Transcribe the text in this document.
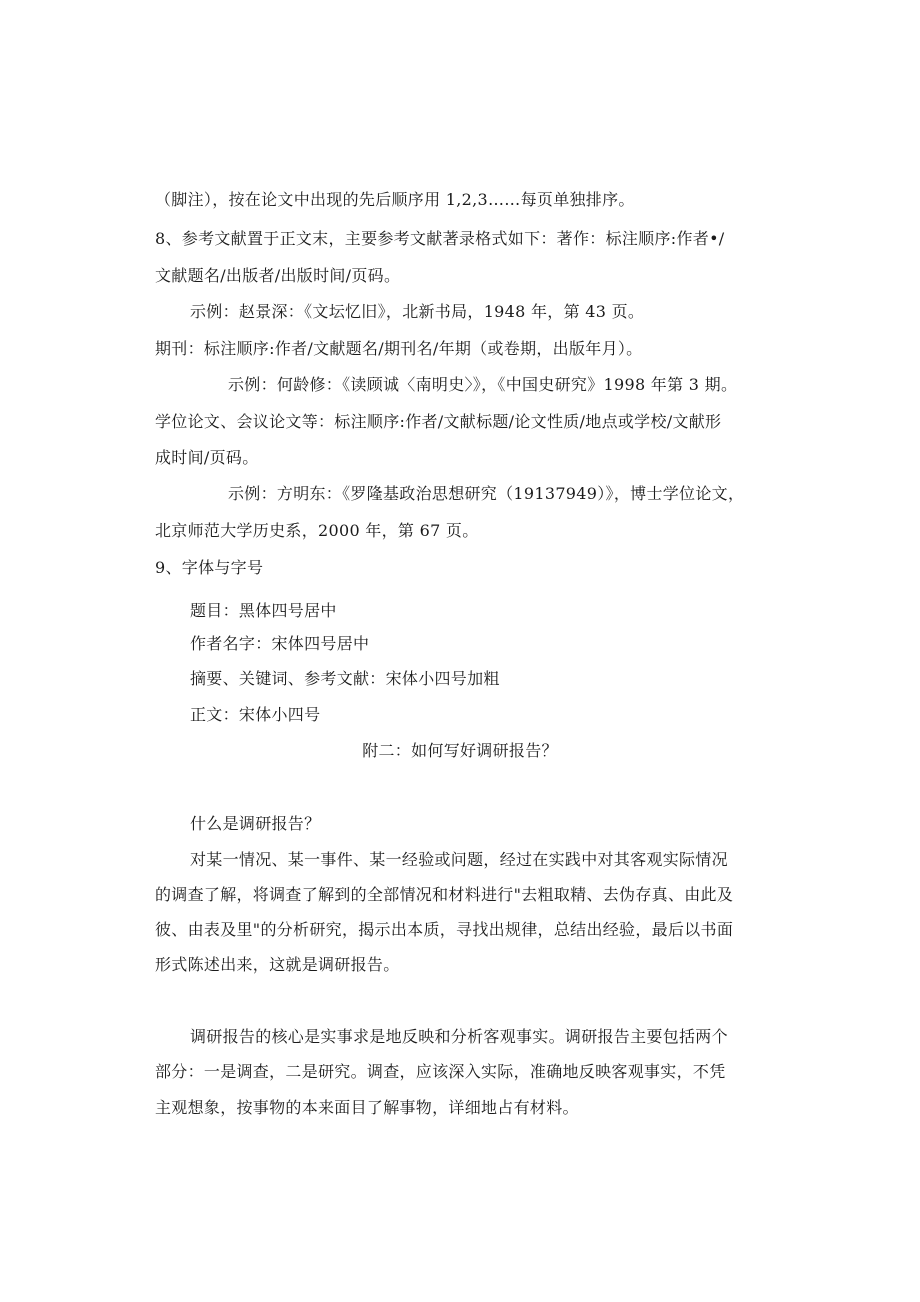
（脚注），按在论文中出现的先后顺序用 1,2,3……每页单独排序。
8、参考文献置于正文末，主要参考文献著录格式如下：著作：标注顺序:作者•/
文献题名/出版者/出版时间/页码。
示例：赵景深：《文坛忆旧》，北新书局，1948 年，第 43 页。
期刊：标注顺序:作者/文献题名/期刊名/年期（或卷期，出版年月）。
示例：何龄修：《读顾诚〈南明史〉》，《中国史研究》1998 年第 3 期。
学位论文、会议论文等：标注顺序:作者/文献标题/论文性质/地点或学校/文献形
成时间/页码。
示例：方明东：《罗隆基政治思想研究（19137949）》，博士学位论文，
北京师范大学历史系，2000 年，第 67 页。
9、字体与字号
题目：黑体四号居中
作者名字：宋体四号居中
摘要、关键词、参考文献：宋体小四号加粗
正文：宋体小四号
附二：如何写好调研报告？
什么是调研报告？
对某一情况、某一事件、某一经验或问题，经过在实践中对其客观实际情况
的调查了解，将调查了解到的全部情况和材料进行"去粗取精、去伪存真、由此及
彼、由表及里"的分析研究，揭示出本质，寻找出规律，总结出经验，最后以书面
形式陈述出来，这就是调研报告。
调研报告的核心是实事求是地反映和分析客观事实。调研报告主要包括两个
部分：一是调查，二是研究。调查，应该深入实际，准确地反映客观事实，不凭
主观想象，按事物的本来面目了解事物，详细地占有材料。
